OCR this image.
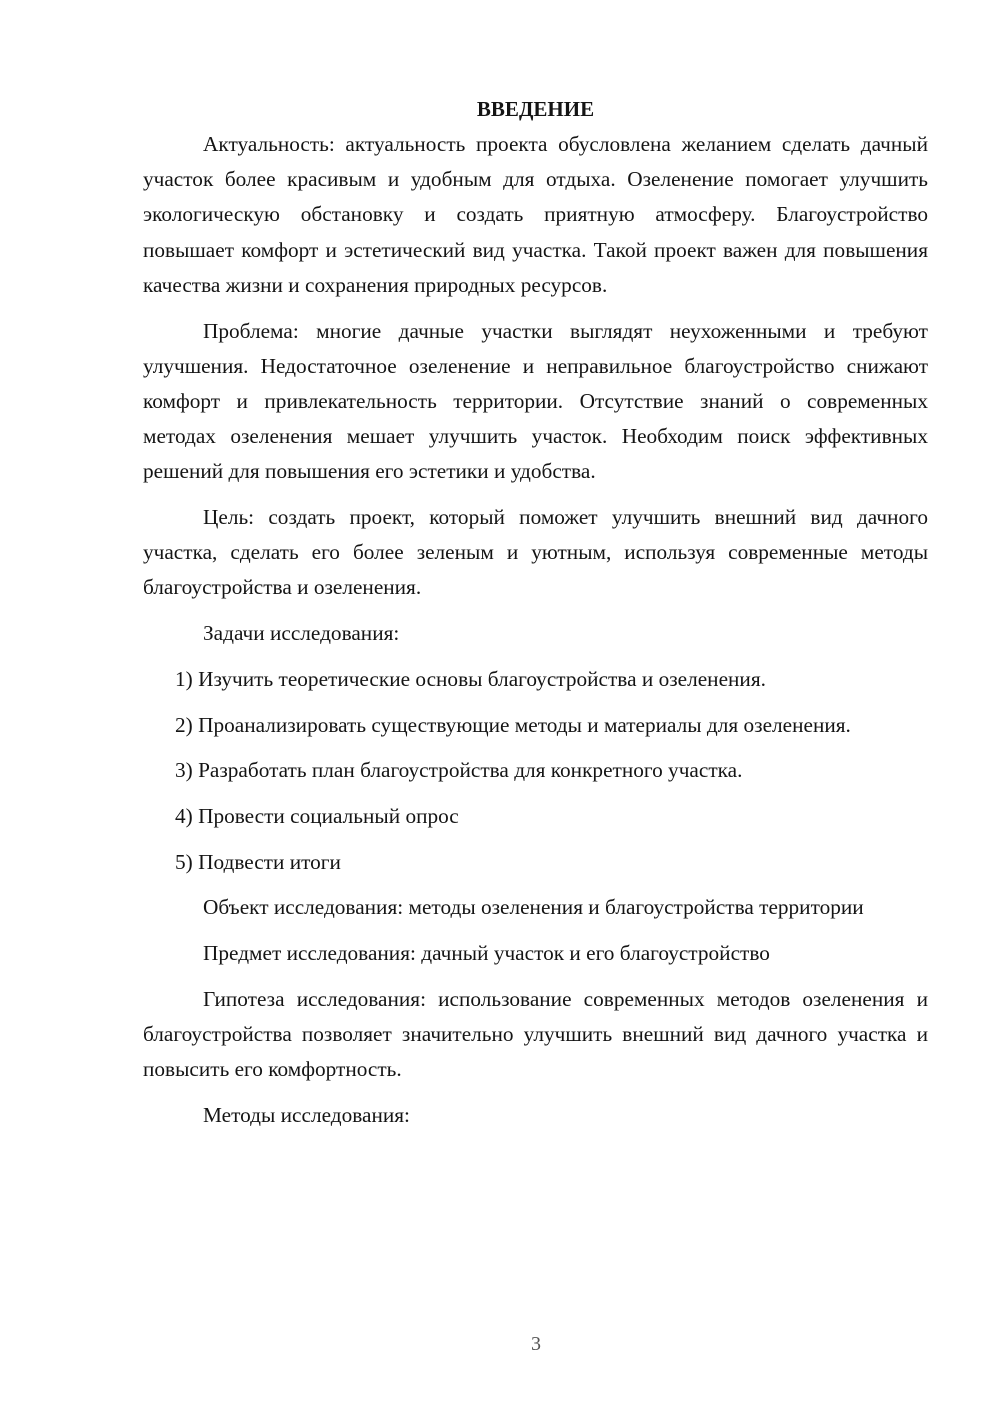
ВВЕДЕНИЕ

Актуальность: актуальность проекта обусловлена желанием сделать дачный участок более красивым и удобным для отдыха. Озеленение помогает улучшить экологическую обстановку и создать приятную атмосферу. Благоустройство повышает комфорт и эстетический вид участка. Такой проект важен для повышения качества жизни и сохранения природных ресурсов.

Проблема: многие дачные участки выглядят неухоженными и требуют улучшения. Недостаточное озеленение и неправильное благоустройство снижают комфорт и привлекательность территории. Отсутствие знаний о современных методах озеленения мешает улучшить участок. Необходим поиск эффективных решений для повышения его эстетики и удобства.

Цель: создать проект, который поможет улучшить внешний вид дачного участка, сделать его более зеленым и уютным, используя современные методы благоустройства и озеленения.

Задачи исследования:

1) Изучить теоретические основы благоустройства и озеленения.

2) Проанализировать существующие методы и материалы для озеленения.

3) Разработать план благоустройства для конкретного участка.

4) Провести социальный опрос

5) Подвести итоги

Объект исследования: методы озеленения и благоустройства территории

Предмет исследования: дачный участок и его благоустройство

Гипотеза исследования: использование современных методов озеленения и благоустройства позволяет значительно улучшить внешний вид дачного участка и повысить его комфортность.

Методы исследования:

3
